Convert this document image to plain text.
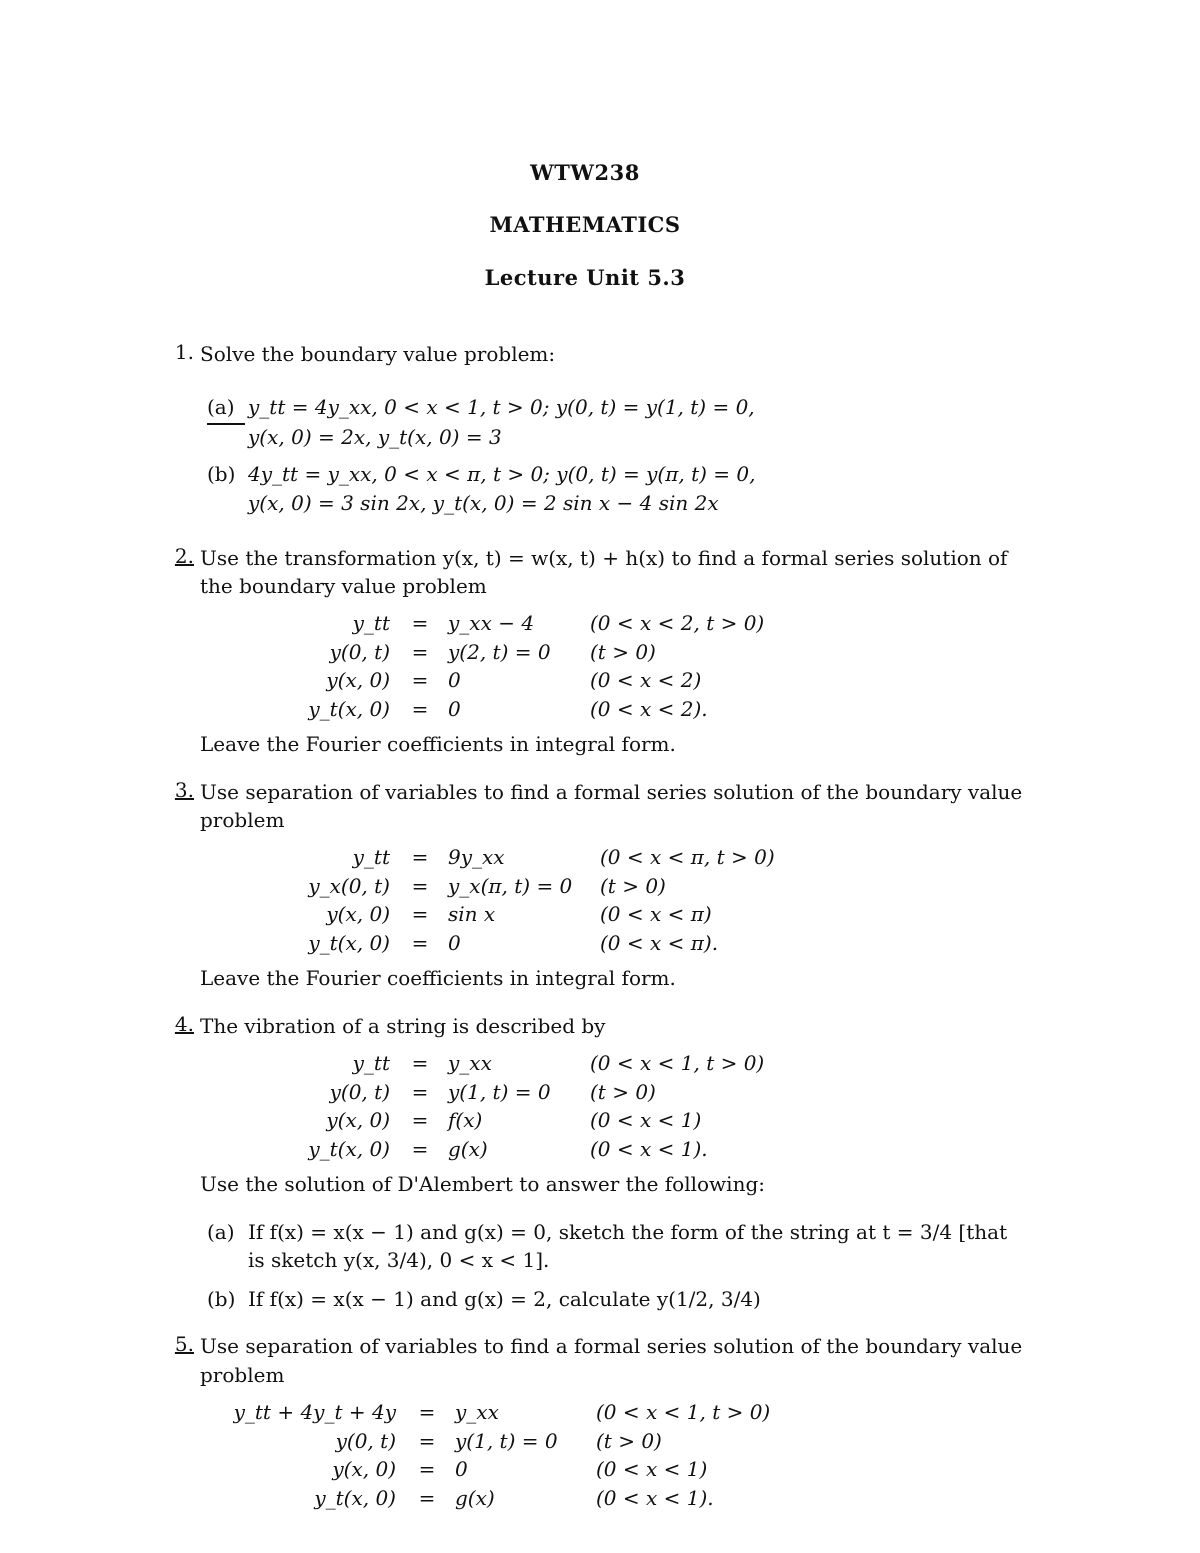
WTW238
MATHEMATICS
Lecture Unit 5.3
1. Solve the boundary value problem:
(a) y_tt = 4y_xx, 0 < x < 1, t > 0; y(0, t) = y(1, t) = 0,
y(x, 0) = 2x, y_t(x, 0) = 3
(b) 4y_tt = y_xx, 0 < x < π, t > 0; y(0, t) = y(π, t) = 0,
y(x, 0) = 3 sin 2x, y_t(x, 0) = 2 sin x − 4 sin 2x
2. Use the transformation y(x, t) = w(x, t) + h(x) to find a formal series solution of
the boundary value problem
y_tt	= y_xx − 4	(0 < x < 2, t > 0)
y(0, t)	= y(2, t) = 0 (t > 0)
y(x, 0)	= 0	(0 < x < 2)
y_t(x, 0)	= 0	(0 < x < 2).
Leave the Fourier coefficients in integral form.
3. Use separation of variables to find a formal series solution of the boundary value
problem
y_tt	= 9y_xx	(0 < x < π, t > 0)
y_x(0, t)	= y_x(π, t) = 0 (t > 0)
y(x, 0)	= sin x	(0 < x < π)
y_t(x, 0)	= 0	(0 < x < π).
Leave the Fourier coefficients in integral form.
4. The vibration of a string is described by
y_tt	= y_xx	(0 < x < 1, t > 0)
y(0, t)	= y(1, t) = 0 (t > 0)
y(x, 0)	= f(x)	(0 < x < 1)
y_t(x, 0)	= g(x)	(0 < x < 1).
Use the solution of D'Alembert to answer the following:
(a) If f(x) = x(x − 1) and g(x) = 0, sketch the form of the string at t = 3/4 [that
is sketch y(x, 3/4), 0 < x < 1].
(b) If f(x) = x(x − 1) and g(x) = 2, calculate y(1/2, 3/4)
5. Use separation of variables to find a formal series solution of the boundary value
problem
y_tt + 4y_t + 4y	= y_xx	(0 < x < 1, t > 0)
y(0, t)	= y(1, t) = 0 (t > 0)
y(x, 0)	= 0	(0 < x < 1)
y_t(x, 0)	= g(x)	(0 < x < 1).
